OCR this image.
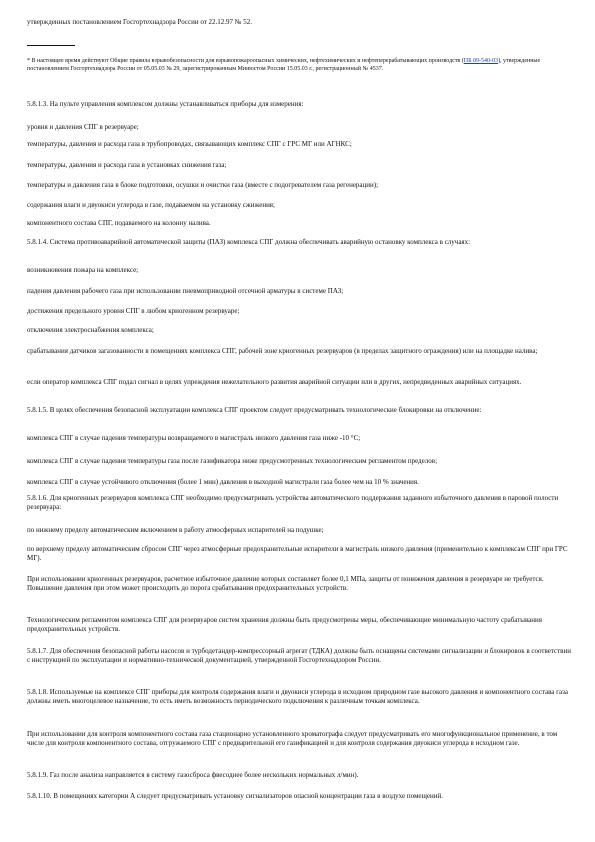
утвержденных постановлением Госгортехнадзора России от 22.12.97 № 52.
* В настоящее время действуют Общие правила взрывобезопасности для взрывопожароопасных химических, нефтехимических и нефтеперерабатывающих производств (ПБ 09-540-03), утвержденные постановлением Госгортехнадзора России от 05.05.03 № 29, зарегистрированным Минюстом России 15.05.03 г., регистрационный № 4537.
5.8.1.3. На пульте управления комплексом должны устанавливаться приборы для измерения:
уровня и давления СПГ в резервуаре;
температуры, давления и расхода газа в трубопроводах, связывающих комплекс СПГ с ГРС МГ или АГНКС;
температуры, давления и расхода газа в установках снижения газа;
температуры и давления газа в блоке подготовки, осушки и очистки газа (вместе с подогревателем газа регенерации);
содержания влаги и двуокиси углерода в газе, подаваемом на установку сжижения;
компонентного состава СПГ, подаваемого на колонну налива.
5.8.1.4. Система противоаварийной автоматической защиты (ПАЗ) комплекса СПГ должна обеспечивать аварийную остановку комплекса в случаях:
возникновения пожара на комплексе;
падения давления рабочего газа при использовании пневмоприводной отсечной арматуры в системе ПАЗ;
достижения предельного уровня СПГ в любом криогенном резервуаре;
отключения электроснабжения комплекса;
срабатывания датчиков загазованности в помещениях комплекса СПГ, рабочей зоне криогенных резервуаров (в пределах защитного ограждения) или на площадке налива;
если оператор комплекса СПГ подал сигнал в целях упреждения нежелательного развития аварийной ситуации или в других, непредвиденных аварийных ситуациях.
5.8.1.5. В целях обеспечения безопасной эксплуатации комплекса СПГ проектом следует предусматривать технологические блокировки на отключение:
комплекса СПГ в случае падения температуры возвращаемого в магистраль низкого давления газа ниже -10 °C;
комплекса СПГ в случае падения температуры газа после газификатора ниже предусмотренных технологическим регламентом пределов;
комплекса СПГ в случае устойчивого отключения (более 1 мин) давления в выходной магистрали газа более чем на 10 % значения.
5.8.1.6. Для криогенных резервуаров комплекса СПГ необходимо предусматривать устройства автоматического поддержания заданного избыточного давления в паровой полости резервуара:
по нижнему пределу автоматическим включением в работу атмосферных испарителей на подушке;
по верхнему пределу автоматическим сбросом СПГ через атмосферные предохранительные испарители в магистраль низкого давления (применительно к комплексам СПГ при ГРС МГ).
При использовании криогенных резервуаров, расчетное избыточное давление которых составляет более 0,1 МПа, защиты от понижения давления в резервуаре не требуется. Повышение давления при этом может происходить до порога срабатывания предохранительных устройств.
Технологическим регламентом комплекса СПГ для резервуаров систем хранения должны быть предусмотрены меры, обеспечивающие минимальную частоту срабатывания предохранительных устройств.
5.8.1.7. Для обеспечения безопасной работы насосов и турбодетандер-компрессорный агрегат (ТДКА) должны быть оснащены системами сигнализации и блокировок в соответствии с инструкцией по эксплуатации и нормативно-технической документацией, утвержденной Госгортехнадзором России.
5.8.1.8. Используемые на комплексе СПГ приборы для контроля содержания влаги и двуокиси углерода в исходном природном газе высокого давления и компонентного состава газа должны иметь многоцелевое назначение, то есть иметь возможность периодического подключения к различным точкам комплекса.
При использовании для контроля компонентного состава газа стационарно установленного хроматографа следует предусматривать его многофункциональное применение, в том числе для контроля компонентного состава, отгружаемого СПГ с предварительной его газификацией и для контроля содержания двуокиси углерода в исходном газе.
5.8.1.9. Газ после анализа направляется в систему газосброса фвесоднее более нескольких нормальных л/мин).
5.8.1.10. В помещениях категории А следует предусматривать установку сигнализаторов опасной концентрации газа в воздухе помещений.
